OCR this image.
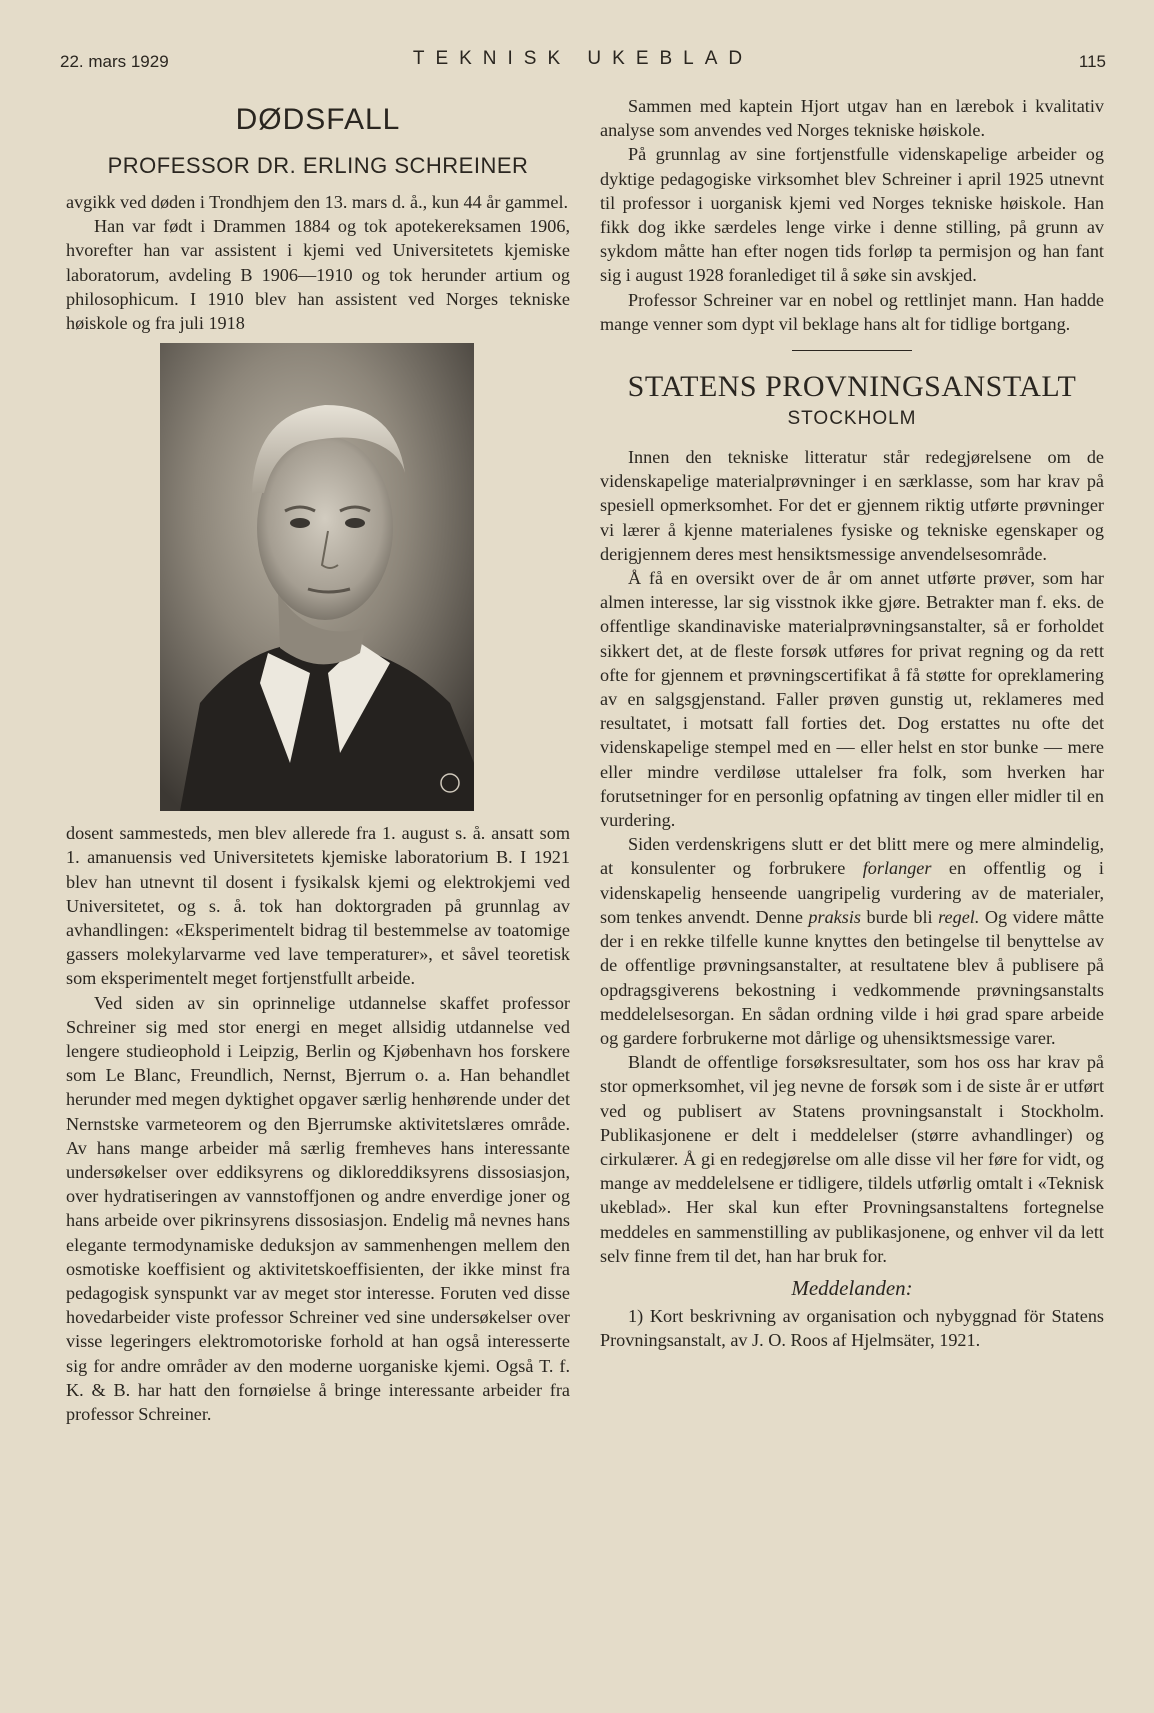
22. mars 1929	TEKNISK UKEBLAD	115
DØDSFALL
PROFESSOR DR. ERLING SCHREINER

avgikk ved døden i Trondhjem den 13. mars d. å., kun 44 år gammel.

Han var født i Drammen 1884 og tok apotekereksamen 1906, hvorefter han var assistent i kjemi ved Universitetets kjemiske laboratorum, avdeling B 1906—1910 og tok herunder artium og philosophicum. I 1910 blev han assistent ved Norges tekniske høiskole og fra juli 1918

dosent sammesteds, men blev allerede fra 1. august s. å. ansatt som 1. amanuensis ved Universitetets kjemiske laboratorium B. I 1921 blev han utnevnt til dosent i fysikalsk kjemi og elektrokjemi ved Universitetet, og s. å. tok han doktorgraden på grunnlag av avhandlingen: «Eksperimentelt bidrag til bestemmelse av toatomige gassers molekylarvarme ved lave temperaturer», et såvel teoretisk som eksperimentelt meget fortjenstfullt arbeide.

Ved siden av sin oprinnelige utdannelse skaffet professor Schreiner sig med stor energi en meget allsidig utdannelse ved lengere studieophold i Leipzig, Berlin og Kjøbenhavn hos forskere som Le Blanc, Freundlich, Nernst, Bjerrum o. a. Han behandlet herunder med megen dyktighet opgaver særlig henhørende under det Nernstske varmeteorem og den Bjerrumske aktivitetslæres område. Av hans mange arbeider må særlig fremheves hans interessante undersøkelser over eddiksyrens og dikloreddiksyrens dissosiasjon, over hydratiseringen av vannstoffjonen og andre enverdige joner og hans arbeide over pikrinsyrens dissosiasjon. Endelig må nevnes hans elegante termodynamiske deduksjon av sammenhengen mellem den osmotiske koeffisient og aktivitetskoeffisienten, der ikke minst fra pedagogisk synspunkt var av meget stor interesse. Foruten ved disse hovedarbeider viste professor Schreiner ved sine undersøkelser over visse legeringers elektromotoriske forhold at han også interesserte sig for andre områder av den moderne uorganiske kjemi. Også T. f. K. & B. har hatt den fornøielse å bringe interessante arbeider fra professor Schreiner.

Sammen med kaptein Hjort utgav han en lærebok i kvalitativ analyse som anvendes ved Norges tekniske høiskole.

På grunnlag av sine fortjenstfulle videnskapelige arbeider og dyktige pedagogiske virksomhet blev Schreiner i april 1925 utnevnt til professor i uorganisk kjemi ved Norges tekniske høiskole. Han fikk dog ikke særdeles lenge virke i denne stilling, på grunn av sykdom måtte han efter nogen tids forløp ta permisjon og han fant sig i august 1928 foranlediget til å søke sin avskjed.

Professor Schreiner var en nobel og rettlinjet mann. Han hadde mange venner som dypt vil beklage hans alt for tidlige bortgang.

STATENS PROVNINGSANSTALT
STOCKHOLM

Innen den tekniske litteratur står redegjørelsene om de videnskapelige materialprøvninger i en særklasse, som har krav på spesiell opmerksomhet. For det er gjennem riktig utførte prøvninger vi lærer å kjenne materialenes fysiske og tekniske egenskaper og derigjennem deres mest hensiktsmessige anvendelsesområde.

Å få en oversikt over de år om annet utførte prøver, som har almen interesse, lar sig visstnok ikke gjøre. Betrakter man f. eks. de offentlige skandinaviske materialprøvningsanstalter, så er forholdet sikkert det, at de fleste forsøk utføres for privat regning og da rett ofte for gjennem et prøvningscertifikat å få støtte for opreklamering av en salgsgjenstand. Faller prøven gunstig ut, reklameres med resultatet, i motsatt fall forties det. Dog erstattes nu ofte det videnskapelige stempel med en — eller helst en stor bunke — mere eller mindre verdiløse uttalelser fra folk, som hverken har forutsetninger for en personlig opfatning av tingen eller midler til en vurdering.

Siden verdenskrigens slutt er det blitt mere og mere almindelig, at konsulenter og forbrukere forlanger en offentlig og i videnskapelig henseende uangripelig vurdering av de materialer, som tenkes anvendt. Denne praksis burde bli regel. Og videre måtte der i en rekke tilfelle kunne knyttes den betingelse til benyttelse av de offentlige prøvningsanstalter, at resultatene blev å publisere på opdragsgiverens bekostning i vedkommende prøvningsanstalts meddelelsesorgan. En sådan ordning vilde i høi grad spare arbeide og gardere forbrukerne mot dårlige og uhensiktsmessige varer.

Blandt de offentlige forsøksresultater, som hos oss har krav på stor opmerksomhet, vil jeg nevne de forsøk som i de siste år er utført ved og publisert av Statens provningsanstalt i Stockholm. Publikasjonene er delt i meddelelser (større avhandlinger) og cirkulærer. Å gi en redegjørelse om alle disse vil her føre for vidt, og mange av meddelelsene er tidligere, tildels utførlig omtalt i «Teknisk ukeblad». Her skal kun efter Provningsanstaltens fortegnelse meddeles en sammenstilling av publikasjonene, og enhver vil da lett selv finne frem til det, han har bruk for.

Meddelanden:

1) Kort beskrivning av organisation och nybyggnad för Statens Provningsanstalt, av J. O. Roos af Hjelmsäter, 1921.
